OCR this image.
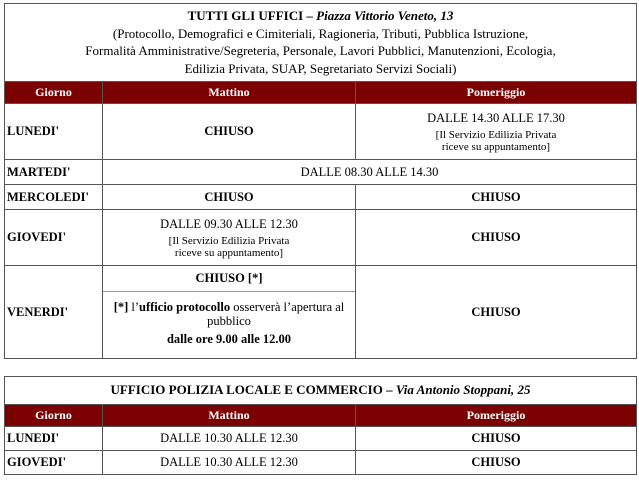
TUTTI GLI UFFICI – Piazza Vittorio Veneto, 13
(Protocollo, Demografici e Cimiteriali, Ragioneria, Tributi, Pubblica Istruzione,
Formalità Amministrative/Segreteria, Personale, Lavori Pubblici, Manutenzioni, Ecologia,
Edilizia Privata, SUAP, Segretariato Servizi Sociali)		

Giorno	Mattino	Pomeriggio
LUNEDI'	CHIUSO	DALLE 14.30 ALLE 17.30
[Il Servizio Edilizia Privata
riceve su appuntamento]

MARTEDI'	DALLE 08.30 ALLE 14.30	
MERCOLEDI'	CHIUSO	CHIUSO
GIOVEDI'	DALLE 09.30 ALLE 12.30
[Il Servizio Edilizia Privata
riceve su appuntamento]	CHIUSO
VENERDI'	CHIUSO [*]
[*] l’ufficio protocollo osserverà l’apertura al pubblico
dalle ore 9.00 alle 12.00	CHIUSO
UFFICIO POLIZIA LOCALE E COMMERCIO – Via Antonio Stoppani, 25		
Giorno	Mattino	Pomeriggio
LUNEDI'	DALLE 10.30 ALLE 12.30	CHIUSO
GIOVEDI'	DALLE 10.30 ALLE 12.30	CHIUSO
